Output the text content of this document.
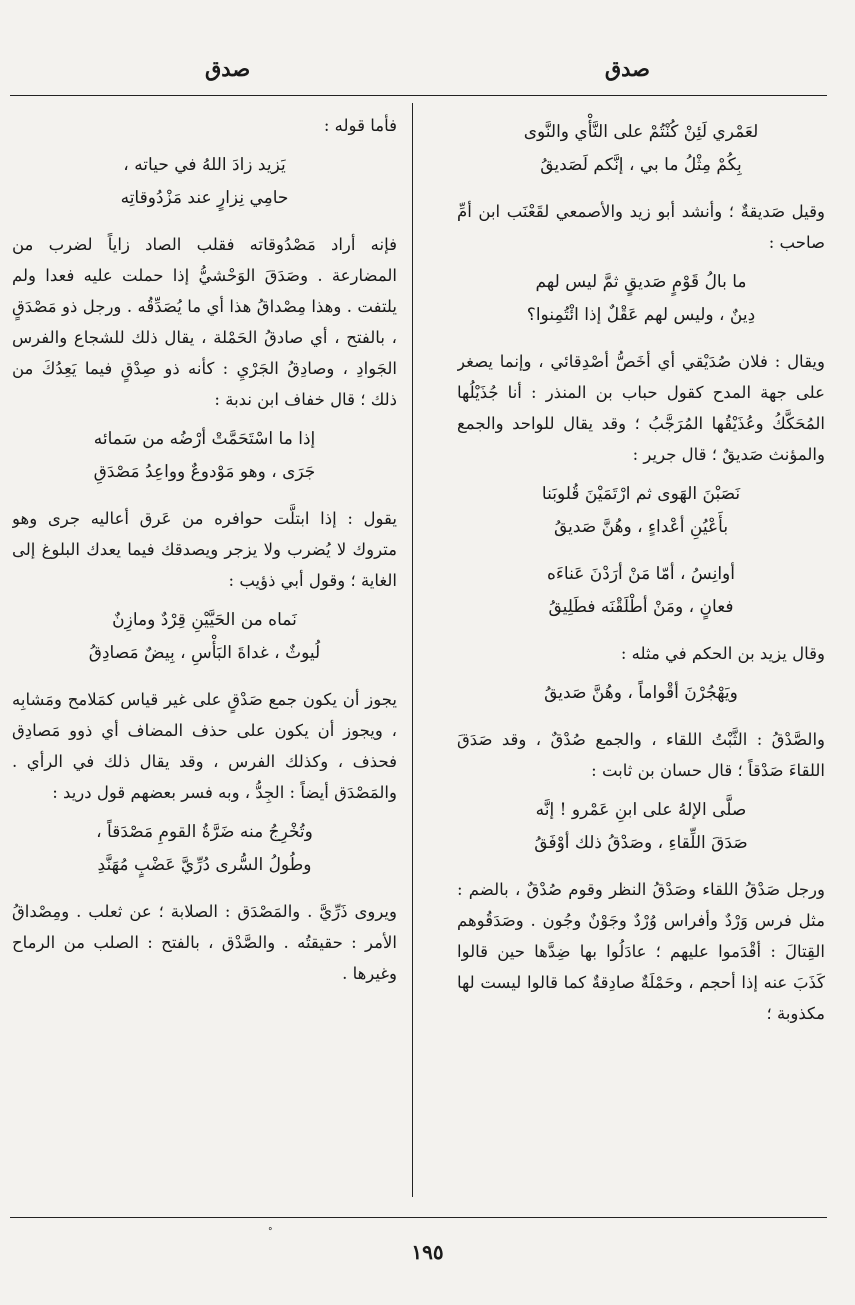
صدق
صدق
لعَمْري لَئِنْ كُنْتُمْ على النَّأْي والنَّوى
بِكُمْ مِثْلُ ما بي ، إنَّكم لَصَديقُ

وقيل صَديقةٌ ؛ وأنشد أبو زيد والأصمعي لقَعْنَب ابن أمِّ صاحب :

ما بالُ قَوْمٍ صَديقٍ ثمَّ ليس لهم
دِينٌ ، وليس لهم عَقْلٌ إذا ائْتُمِنوا؟

ويقال : فلان صُدَيْقي أي أخَصُّ أصْدِقائي ، وإنما يصغر على جهة المدح كقول حباب بن المنذر : أنا جُذَيْلُها المُحَكَّكُ وعُذَيْقُها المُرَجَّبُ ؛ وقد يقال للواحد والجمع والمؤنث صَديقٌ ؛ قال جرير :

نَصَبْنَ الهَوى ثم ارْتَمَيْنَ قُلوبَنا
بأَعْيُنِ أعْداءٍ ، وهُنَّ صَديقُ
أوانِسُ ، أمّا مَنْ أرَدْنَ عَناءَه
فعانٍ ، ومَنْ أطْلَقْنَه فطَلِيقُ

وقال يزيد بن الحكم في مثله :

ويَهْجُرْنَ أقْواماً ، وهُنَّ صَديقُ

والصَّدْقُ : الثَّبْتُ اللقاء ، والجمع صُدْقٌ ، وقد صَدَقَ اللقاءَ صَدْقاً ؛ قال حسان بن ثابت :

صلَّى الإلهُ على ابنِ عَمْرو ! إنَّه
صَدَقَ اللِّقاءِ ، وصَدْقُ ذلك أوْفَقُ

ورجل صَدْقُ اللقاء وصَدْقُ النظر وقوم صُدْقٌ ، بالضم : مثل فرس وَرْدٌ وأفراس وُرْدٌ وجَوْنٌ وجُون . وصَدَقُوهم القِتالَ : أقْدَموا عليهم ؛ عادَلُوا بها ضِدَّها حين قالوا كَذَبَ عنه إذا أحجم ، وحَمْلَةٌ صادِقةٌ كما قالوا ليست لها مكذوبة ؛

فأما قوله :

يَزيد زادَ اللهُ في حياته ،
حامِي نِزارٍ عند مَزْدُوقاتِه

فإنه أراد مَصْدُوقاته فقلب الصاد زاياً لضرب من المضارعة . وصَدَقَ الوَحْشيُّ إذا حملت عليه فعدا ولم يلتفت . وهذا مِصْداقُ هذا أي ما يُصَدِّقُه . ورجل ذو مَصْدَقٍ ، بالفتح ، أي صادقُ الحَمْلة ، يقال ذلك للشجاع والفرس الجَوادِ ، وصادِقُ الجَرْيِ : كأنه ذو صِدْقٍ فيما يَعِدُكَ من ذلك ؛ قال خفاف ابن ندبة :

إذا ما اسْتَحَمَّتْ أرْضُه من سَمائه
جَرَى ، وهو مَوْدوعٌ وواعِدُ مَصْدَقِ

يقول : إذا ابتلَّت حوافره من عَرق أعاليه جرى وهو متروك لا يُضرب ولا يزجر ويصدقك فيما يعدك البلوغ إلى الغاية ؛ وقول أبي ذؤيب :

نَماه من الحَيَّيْنِ قِرْدٌ ومازِنٌ
لُيوثٌ ، غداةَ البَأْسِ ، بِيضٌ مَصادِقُ

يجوز أن يكون جمع صَدْقٍ على غير قياس كمَلامح ومَشابِه ، ويجوز أن يكون على حذف المضاف أي ذوو مَصادِق فحذف ، وكذلك الفرس ، وقد يقال ذلك في الرأي . والمَصْدَق أيضاً : الجِدُّ ، وبه فسر بعضهم قول دريد :

وتُخْرِجُ منه ضَرَّةُ القومِ مَصْدَقاً ،
وطُولُ السُّرى دُرِّيَّ عَضْبٍ مُهَنَّدِ

ويروى ذَرِّيَّ . والمَصْدَق : الصلابة ؛ عن ثعلب . ومِصْداقُ الأمر : حقيقتُه . والصَّدْق ، بالفتح : الصلب من الرماح وغيرها .

°
١٩٥
